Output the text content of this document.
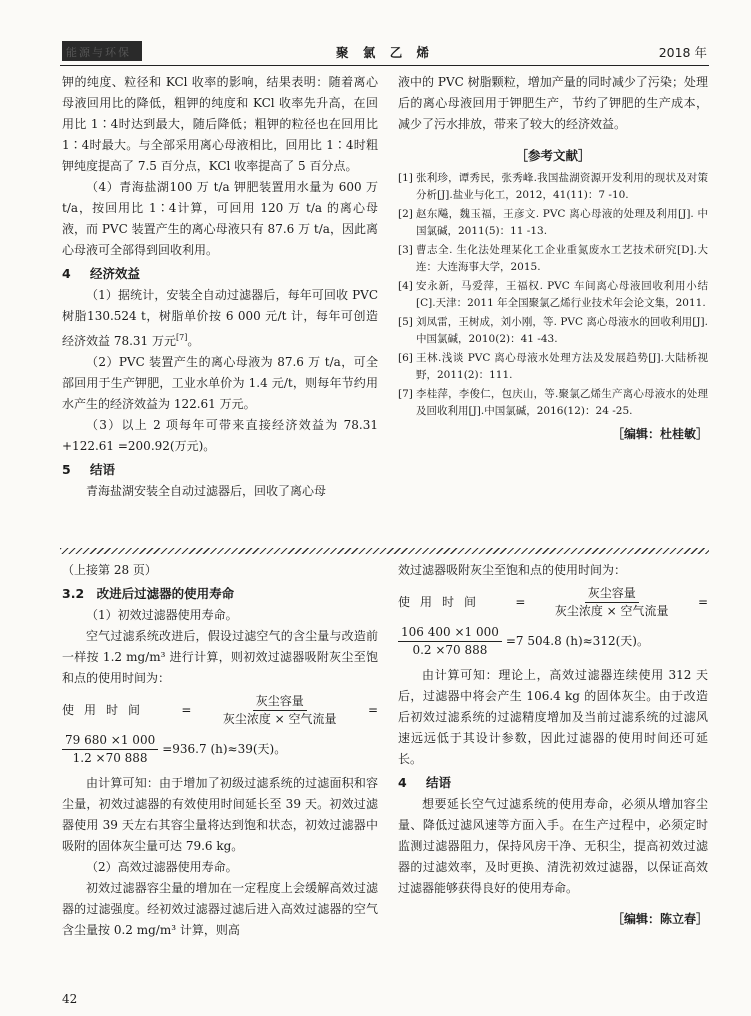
能源与环保	聚 氯 乙 烯	2018 年

钾的纯度、粒径和 KCl 收率的影响，结果表明：随着离心母液回用比的降低，粗钾的纯度和 KCl 收率先升高，在回用比 1∶4时达到最大，随后降低；粗钾的粒径也在回用比 1∶4时最大。与全部采用离心母液相比，回用比 1∶4时粗钾纯度提高了 7.5 百分点，KCl 收率提高了 5 百分点。

（4）青海盐湖100 万 t/a 钾肥装置用水量为 600 万 t/a，按回用比 1∶4计算，可回用 120 万 t/a 的离心母液，而 PVC 装置产生的离心母液只有 87.6 万 t/a，因此离心母液可全部得到回收利用。

4 经济效益

（1）据统计，安装全自动过滤器后，每年可回收 PVC 树脂130.524 t，树脂单价按 6 000 元/t 计，每年可创造经济效益 78.31 万元[7]。

（2）PVC 装置产生的离心母液为 87.6 万 t/a，可全部回用于生产钾肥，工业水单价为 1.4 元/t，则每年节约用水产生的经济效益为 122.61 万元。

（3）以上 2 项每年可带来直接经济效益为 78.31 +122.61 =200.92(万元)。

5 结语

青海盐湖安装全自动过滤器后，回收了离心母

液中的 PVC 树脂颗粒，增加产量的同时减少了污染；处理后的离心母液回用于钾肥生产，节约了钾肥的生产成本，减少了污水排放，带来了较大的经济效益。

［参考文献］
[1] 张利珍，谭秀民，张秀峰.我国盐湖资源开发利用的现状及对策分析[J].盐业与化工，2012，41(11)：7 -10.
[2] 赵东飚，魏玉福，王彦文. PVC 离心母液的处理及利用[J]. 中国氯碱，2011(5)：11 -13.
[3] 曹志全. 生化法处理某化工企业重氮废水工艺技术研究[D].大连：大连海事大学，2015.
[4] 安永新，马爱萍，王福权. PVC 车间离心母液回收利用小结[C].天津：2011 年全国聚氯乙烯行业技术年会论文集，2011.
[5] 刘凤雷，王树成，刘小刚，等. PVC 离心母液水的回收利用[J].中国氯碱，2010(2)：41 -43.
[6] 王林.浅谈 PVC 离心母液水处理方法及发展趋势[J].大陆桥视野，2011(2)：111.
[7] 李桂萍，李俊仁，包庆山，等.聚氯乙烯生产离心母液水的处理及回收利用[J].中国氯碱，2016(12)：24 -25.
［编辑：杜桂敏］

（上接第 28 页）

3.2　改进后过滤器的使用寿命

（1）初效过滤器使用寿命。

空气过滤系统改进后，假设过滤空气的含尘量与改造前一样按 1.2 mg/m³ 进行计算，则初效过滤器吸附灰尘至饱和点的使用时间为：

使用时间	=	$\frac{\text{灰尘容量}}{\text{灰尘浓度 × 空气流量}}$	=
$\frac{79 680 \times 1 000}{1.2 \times 70 888} =936.7$ (h)≈39(天)。

由计算可知：由于增加了初级过滤系统的过滤面积和容尘量，初效过滤器的有效使用时间延长至 39 天。初效过滤器使用 39 天左右其容尘量将达到饱和状态，初效过滤器中吸附的固体灰尘量可达 79.6 kg。

（2）高效过滤器使用寿命。

初效过滤器容尘量的增加在一定程度上会缓解高效过滤器的过滤强度。经初效过滤器过滤后进入高效过滤器的空气含尘量按 0.2 mg/m³ 计算，则高

效过滤器吸附灰尘至饱和点的使用时间为：

使用时间 = $\frac{\text{灰尘容量}}{\text{灰尘浓度 × 空气流量}}$ =
$\frac{106 400 \times 1 000}{0.2 \times 70 888} =7$ 504.8 (h)≈312(天)。

由计算可知：理论上，高效过滤器连续使用 312 天后，过滤器中将会产生 106.4 kg 的固体灰尘。由于改造后初效过滤系统的过滤精度增加及当前过滤系统的过滤风速远远低于其设计参数，因此过滤器的使用时间还可延长。

4 结语

想要延长空气过滤系统的使用寿命，必须从增加容尘量、降低过滤风速等方面入手。在生产过程中，必须定时监测过滤器阻力，保持风房干净、无积尘，提高初效过滤器的过滤效率，及时更换、清洗初效过滤器，以保证高效过滤器能够获得良好的使用寿命。

［编辑：陈立春］
42
